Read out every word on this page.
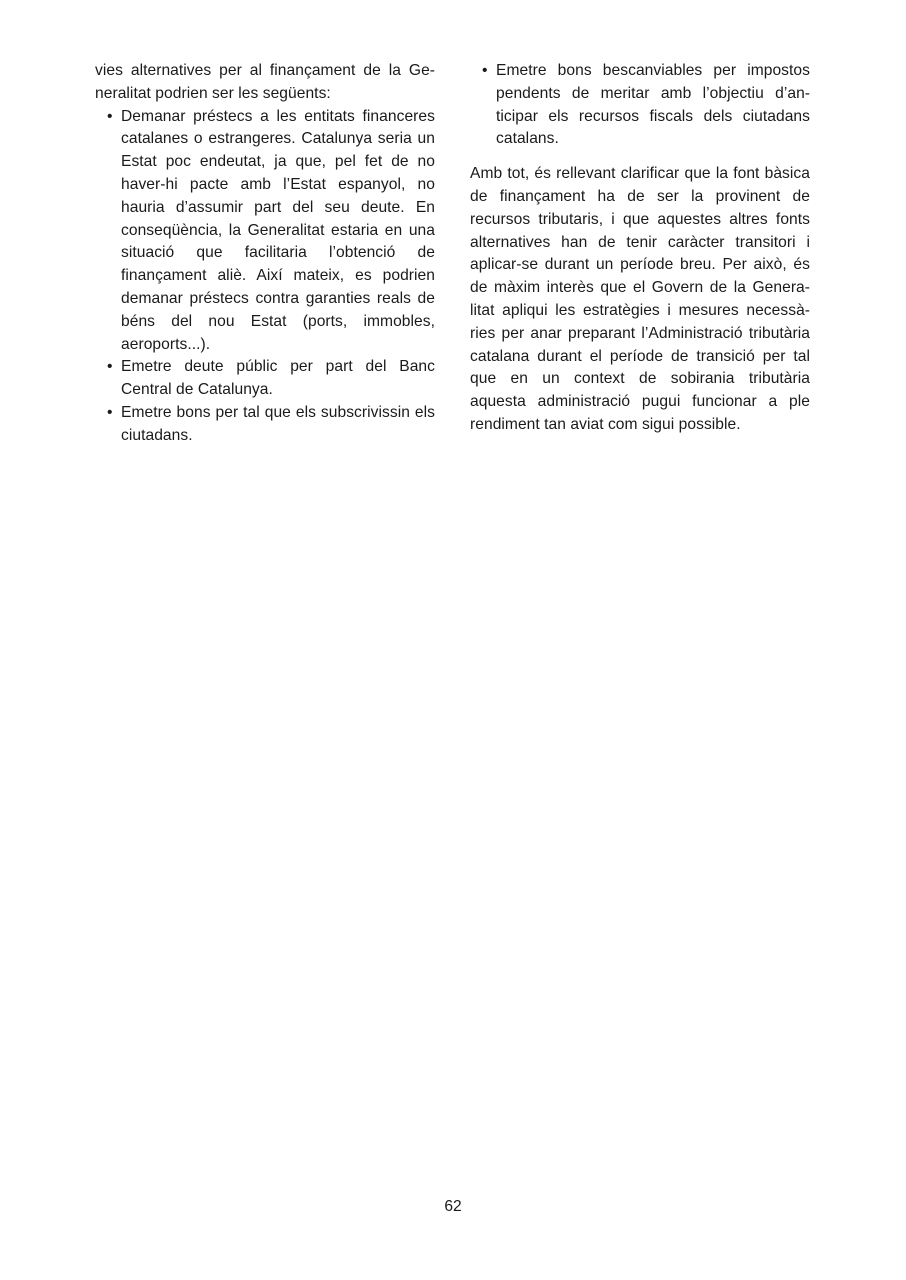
vies alternatives per al finançament de la Generalitat podrien ser les següents:

• Demanar préstecs a les entitats financeres catalanes o estrangeres. Catalunya seria un Estat poc endeutat, ja que, pel fet de no haver-hi pacte amb l’Estat espanyol, no hauria d’assumir part del seu deute. En conseqüència, la Generalitat estaria en una situació que facilitaria l’obtenció de finançament aliè. Així mateix, es podrien demanar préstecs contra garanties reals de béns del nou Estat (ports, immobles, aeroports...).
• Emetre deute públic per part del Banc Central de Catalunya.
• Emetre bons per tal que els subscrivissin els ciutadans.
• Emetre bons bescanviables per impostos pendents de meritar amb l’objectiu d’anticipar els recursos fiscals dels ciutadans catalans.

Amb tot, és rellevant clarificar que la font bàsica de finançament ha de ser la provinent de recursos tributaris, i que aquestes altres fonts alternatives han de tenir caràcter transitori i aplicar-se durant un període breu. Per això, és de màxim interès que el Govern de la Generalitat apliqui les estratègies i mesures necessàries per anar preparant l’Administració tributària catalana durant el període de transició per tal que en un context de sobirania tributària aquesta administració pugui funcionar a ple rendiment tan aviat com sigui possible.

62
